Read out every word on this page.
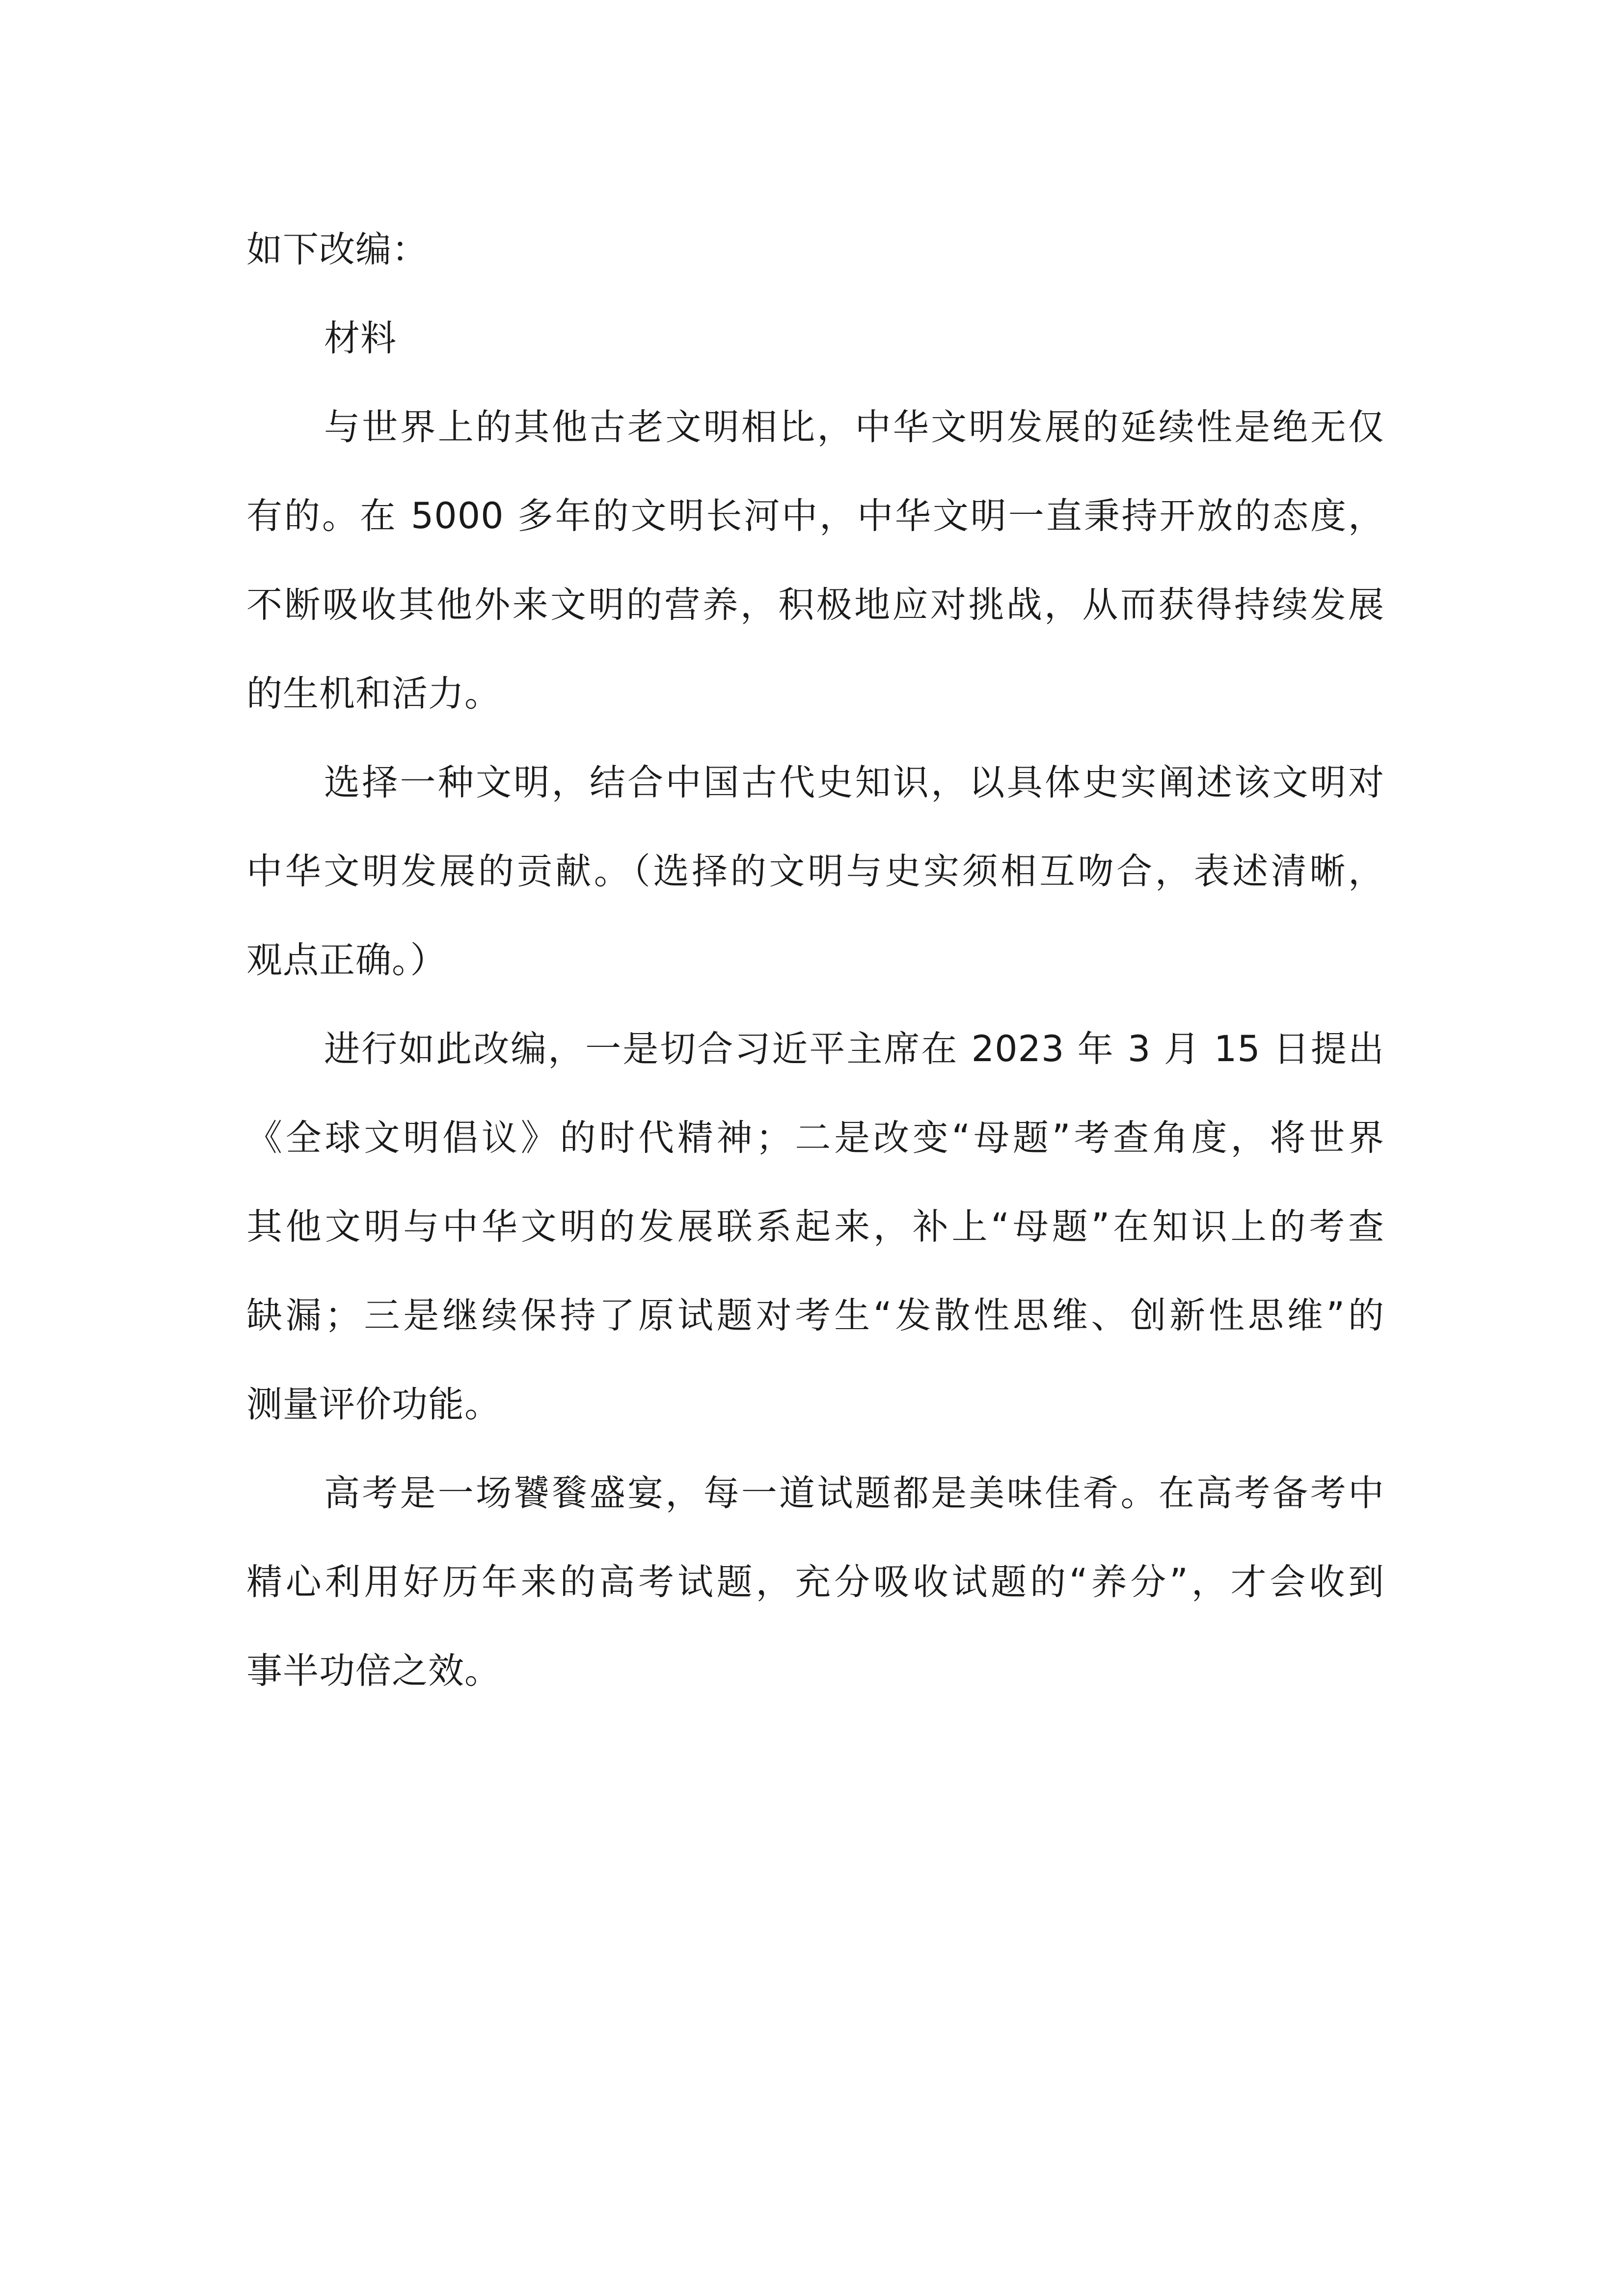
如下改编：
材料
与世界上的其他古老文明相比，中华文明发展的延续性是绝无仅
有的。在 5000 多年的文明长河中，中华文明一直秉持开放的态度，
不断吸收其他外来文明的营养，积极地应对挑战，从而获得持续发展
的生机和活力。
选择一种文明，结合中国古代史知识，以具体史实阐述该文明对
中华文明发展的贡献。（选择的文明与史实须相互吻合，表述清晰，
观点正确。）
进行如此改编，一是切合习近平主席在 2023 年 3 月 15 日提出
《全球文明倡议》的时代精神；二是改变“母题”考查角度，将世界
其他文明与中华文明的发展联系起来，补上“母题”在知识上的考查
缺漏；三是继续保持了原试题对考生“发散性思维、创新性思维”的
测量评价功能。
高考是一场饕餮盛宴，每一道试题都是美味佳肴。在高考备考中
精心利用好历年来的高考试题，充分吸收试题的“养分”，才会收到
事半功倍之效。
